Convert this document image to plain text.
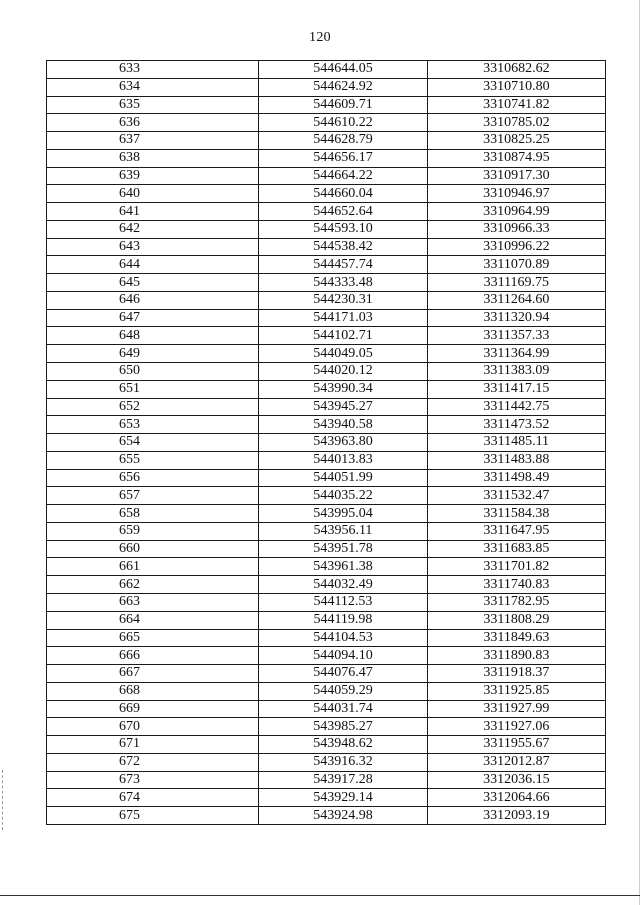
120
633	544644.05	3310682.62
634	544624.92	3310710.80
635	544609.71	3310741.82
636	544610.22	3310785.02
637	544628.79	3310825.25
638	544656.17	3310874.95
639	544664.22	3310917.30
640	544660.04	3310946.97
641	544652.64	3310964.99
642	544593.10	3310966.33
643	544538.42	3310996.22
644	544457.74	3311070.89
645	544333.48	3311169.75
646	544230.31	3311264.60
647	544171.03	3311320.94
648	544102.71	3311357.33
649	544049.05	3311364.99
650	544020.12	3311383.09
651	543990.34	3311417.15
652	543945.27	3311442.75
653	543940.58	3311473.52
654	543963.80	3311485.11
655	544013.83	3311483.88
656	544051.99	3311498.49
657	544035.22	3311532.47
658	543995.04	3311584.38
659	543956.11	3311647.95
660	543951.78	3311683.85
661	543961.38	3311701.82
662	544032.49	3311740.83
663	544112.53	3311782.95
664	544119.98	3311808.29
665	544104.53	3311849.63
666	544094.10	3311890.83
667	544076.47	3311918.37
668	544059.29	3311925.85
669	544031.74	3311927.99
670	543985.27	3311927.06
671	543948.62	3311955.67
672	543916.32	3312012.87
673	543917.28	3312036.15
674	543929.14	3312064.66
675	543924.98	3312093.19
